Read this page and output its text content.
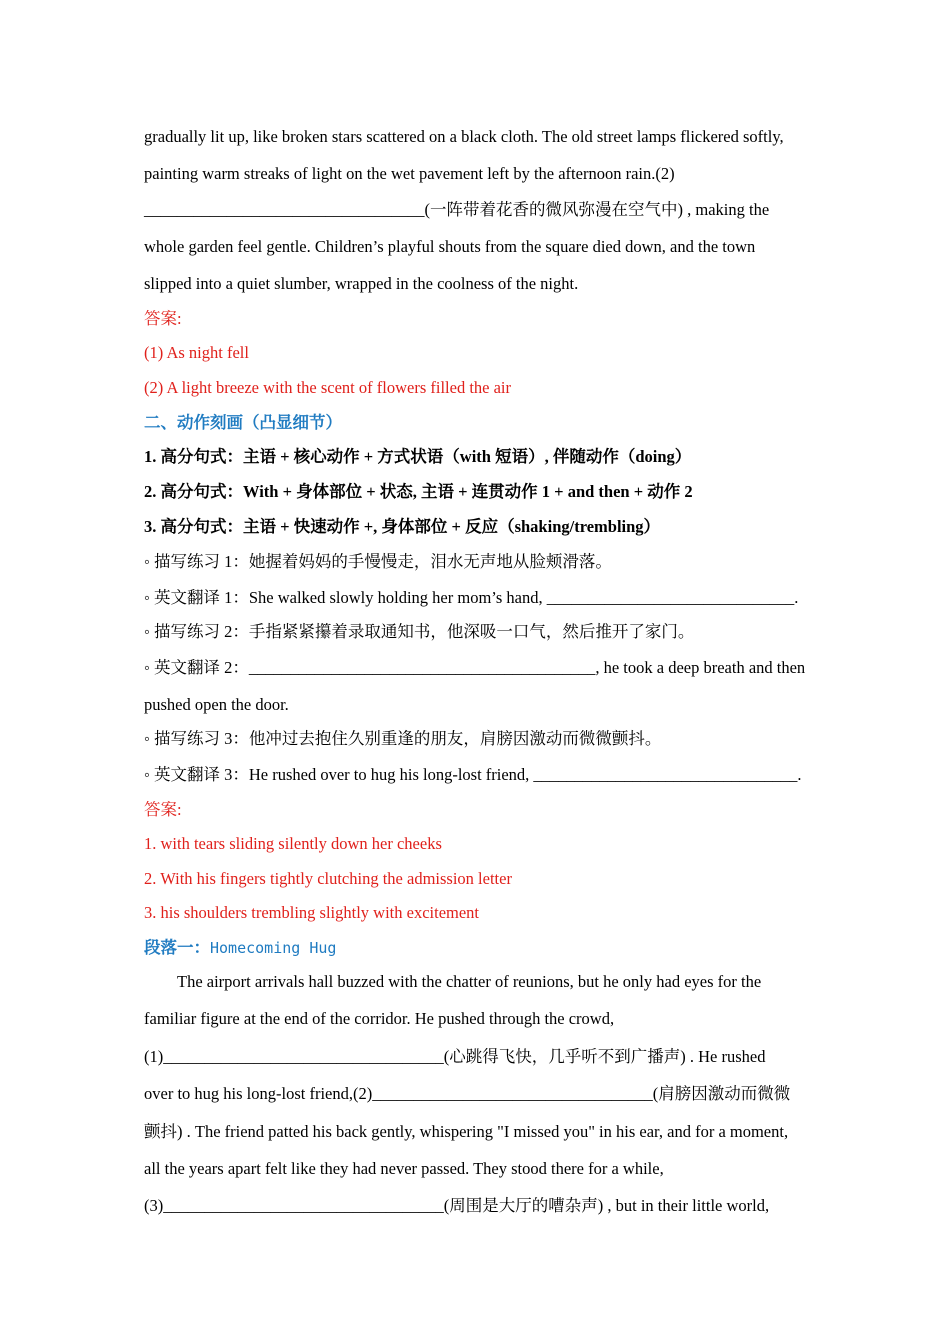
gradually lit up, like broken stars scattered on a black cloth. The old street lamps flickered softly,
painting warm streaks of light on the wet pavement left by the afternoon rain.(2)
__________________________________(一阵带着花香的微风弥漫在空气中) , making the
whole garden feel gentle. Children’s playful shouts from the square died down, and the town
slipped into a quiet slumber, wrapped in the coolness of the night.
答案:
(1) As night fell
(2) A light breeze with the scent of flowers filled the air
二、动作刻画（凸显细节）
1. 高分句式：主语 + 核心动作 + 方式状语（with 短语）, 伴随动作（doing）
2. 高分句式：With + 身体部位 + 状态, 主语 + 连贯动作 1 + and then + 动作 2
3. 高分句式：主语 + 快速动作 +, 身体部位 + 反应（shaking/trembling）
◦ 描写练习 1：她握着妈妈的手慢慢走，泪水无声地从脸颊滑落。
◦ 英文翻译 1：She walked slowly holding her mom’s hand, ______________________________.
◦ 描写练习 2：手指紧紧攥着录取通知书，他深吸一口气，然后推开了家门。
◦ 英文翻译 2：__________________________________________, he took a deep breath and then
pushed open the door.
◦ 描写练习 3：他冲过去抱住久别重逢的朋友，肩膀因激动而微微颤抖。
◦ 英文翻译 3：He rushed over to hug his long-lost friend, ________________________________.
答案:
1. with tears sliding silently down her cheeks
2. With his fingers tightly clutching the admission letter
3. his shoulders trembling slightly with excitement
段落一：Homecoming Hug
The airport arrivals hall buzzed with the chatter of reunions, but he only had eyes for the
familiar figure at the end of the corridor. He pushed through the crowd,
(1)__________________________________(心跳得飞快，几乎听不到广播声) . He rushed
over to hug his long-lost friend,(2)__________________________________(肩膀因激动而微微
颤抖) . The friend patted his back gently, whispering "I missed you" in his ear, and for a moment,
all the years apart felt like they had never passed. They stood there for a while,
(3)__________________________________(周围是大厅的嘈杂声) , but in their little world,
